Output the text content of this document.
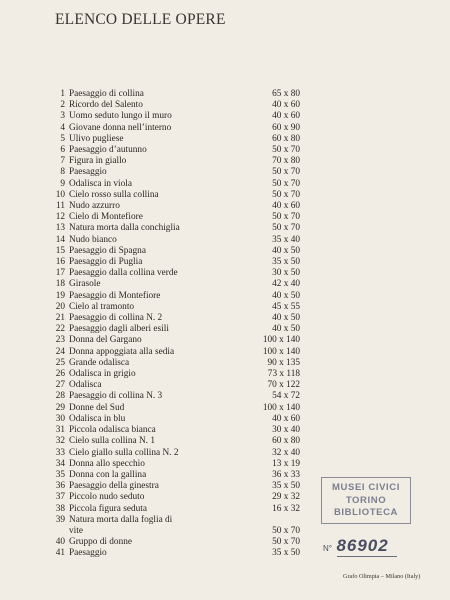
ELENCO DELLE OPERE
1 Paesaggio di collina	65 x 80
2 Ricordo del Salento	40 x 60
3 Uomo seduto lungo il muro	40 x 60
4 Giovane donna nell’interno	60 x 90
5 Ulivo pugliese	60 x 80
6 Paesaggio d’autunno	50 x 70
7 Figura in giallo	70 x 80
8 Paesaggio	50 x 70
9 Odalisca in viola	50 x 70
10 Cielo rosso sulla collina	50 x 70
11 Nudo azzurro	40 x 60
12 Cielo di Montefiore	50 x 70
13 Natura morta dalla conchiglia	50 x 70
14 Nudo bianco	35 x 40
15 Paesaggio di Spagna	40 x 50
16 Paesaggio di Puglia	35 x 50
17 Paesaggio dalla collina verde	30 x 50
18 Girasole	42 x 40
19 Paesaggio di Montefiore	40 x 50
20 Cielo al tramonto	45 x 55
21 Paesaggio di collina N. 2	40 x 50
22 Paesaggio dagli alberi esili	40 x 50
23 Donna del Gargano	100 x 140
24 Donna appoggiata alla sedia	100 x 140
25 Grande odalisca	90 x 135
26 Odalisca in grigio	73 x 118
27 Odalisca	70 x 122
28 Paesaggio di collina N. 3	54 x 72
29 Donne del Sud	100 x 140
30 Odalisca in blu	40 x 60
31 Piccola odalisca bianca	30 x 40
32 Cielo sulla collina N. 1	60 x 80
33 Cielo giallo sulla collina N. 2	32 x 40
34 Donna allo specchio	13 x 19
35 Donna con la gallina	36 x 33
36 Paesaggio della ginestra	35 x 50
37 Piccolo nudo seduto	29 x 32
38 Piccola figura seduta	16 x 32
39 Natura morta dalla foglia di
vite	50 x 70
40 Gruppo di donne	50 x 70
41 Paesaggio	35 x 50
MUSEI CIVICI
TORINO
BIBLIOTECA
N° 86902
Grafo Olimpia – Milano (Italy)
